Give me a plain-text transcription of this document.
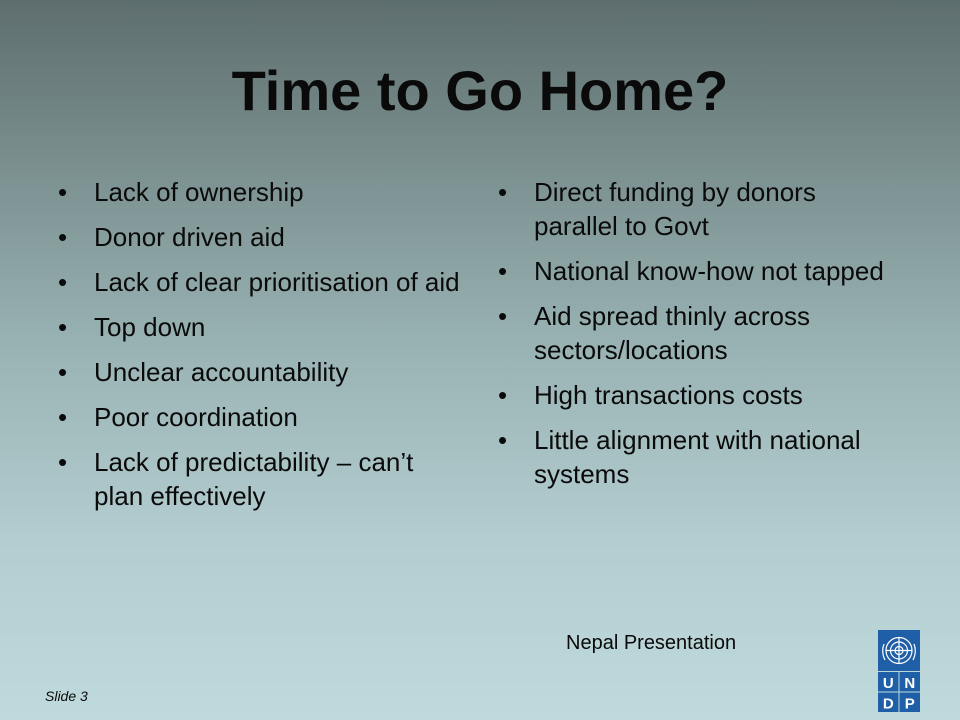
Time to Go Home?
• Lack of ownership
• Donor driven aid
• Lack of clear prioritisation of aid
• Top down
• Unclear accountability
• Poor coordination
• Lack of predictability – can’t plan effectively
• Direct funding by donors parallel to Govt
• National know-how not tapped
• Aid spread thinly across sectors/locations
• High transactions costs
• Little alignment with national systems
Nepal Presentation
Slide 3
U N
D P
